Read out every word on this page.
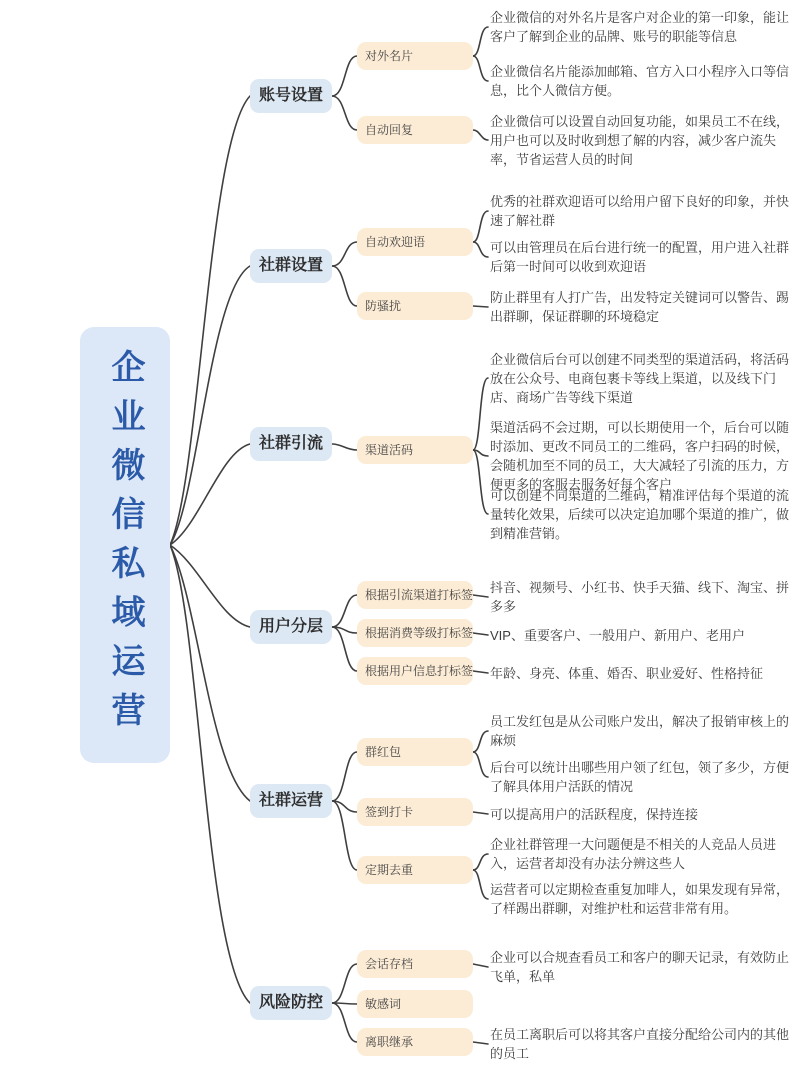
企业微信私域运营
账号设置
社群设置
社群引流
用户分层
社群运营
风险防控
对外名片
自动回复
自动欢迎语
防骚扰
渠道活码
根据引流渠道打标签
根据消费等级打标签
根据用户信息打标签
群红包
签到打卡
定期去重
会话存档
敏感词
离职继承
企业微信的对外名片是客户对企业的第一印象，能让客户了解到企业的品牌、账号的职能等信息
企业微信名片能添加邮箱、官方入口小程序入口等信息，比个人微信方便。
企业微信可以设置自动回复功能，如果员工不在线，用户也可以及时收到想了解的内容，减少客户流失率，节省运营人员的时间
优秀的社群欢迎语可以给用户留下良好的印象，并快速了解社群
可以由管理员在后台进行统一的配置，用户进入社群后第一时间可以收到欢迎语
防止群里有人打广告，出发特定关键词可以警告、踢出群聊，保证群聊的环境稳定
企业微信后台可以创建不同类型的渠道活码，将活码放在公众号、电商包裹卡等线上渠道，以及线下门店、商场广告等线下渠道
渠道活码不会过期，可以长期使用一个，后台可以随时添加、更改不同员工的二维码，客户扫码的时候，会随机加至不同的员工，大大减轻了引流的压力，方便更多的客服去服务好每个客户
可以创建不同渠道的二维码，精准评估每个渠道的流量转化效果，后续可以决定追加哪个渠道的推广，做到精准营销。
抖音、视频号、小红书、快手天猫、线下、淘宝、拼多多
VIP、重要客户、一般用户、新用户、老用户
年龄、身亮、体重、婚否、职业爱好、性格持征
员工发红包是从公司账户发出，解决了报销审核上的麻烦
后台可以统计出哪些用户领了红包，领了多少，方便了解具体用户活跃的情况
可以提高用户的活跃程度，保持连接
企业社群管理一大问题便是不相关的人竞品人员进入，运营者却没有办法分辨这些人
运营者可以定期检查重复加啡人，如果发现有异常，了样踢出群聊，对维护杜和运营非常有用。
企业可以合规查看员工和客户的聊天记录，有效防止飞单，私单
在员工离职后可以将其客户直接分配给公司内的其他的员工
